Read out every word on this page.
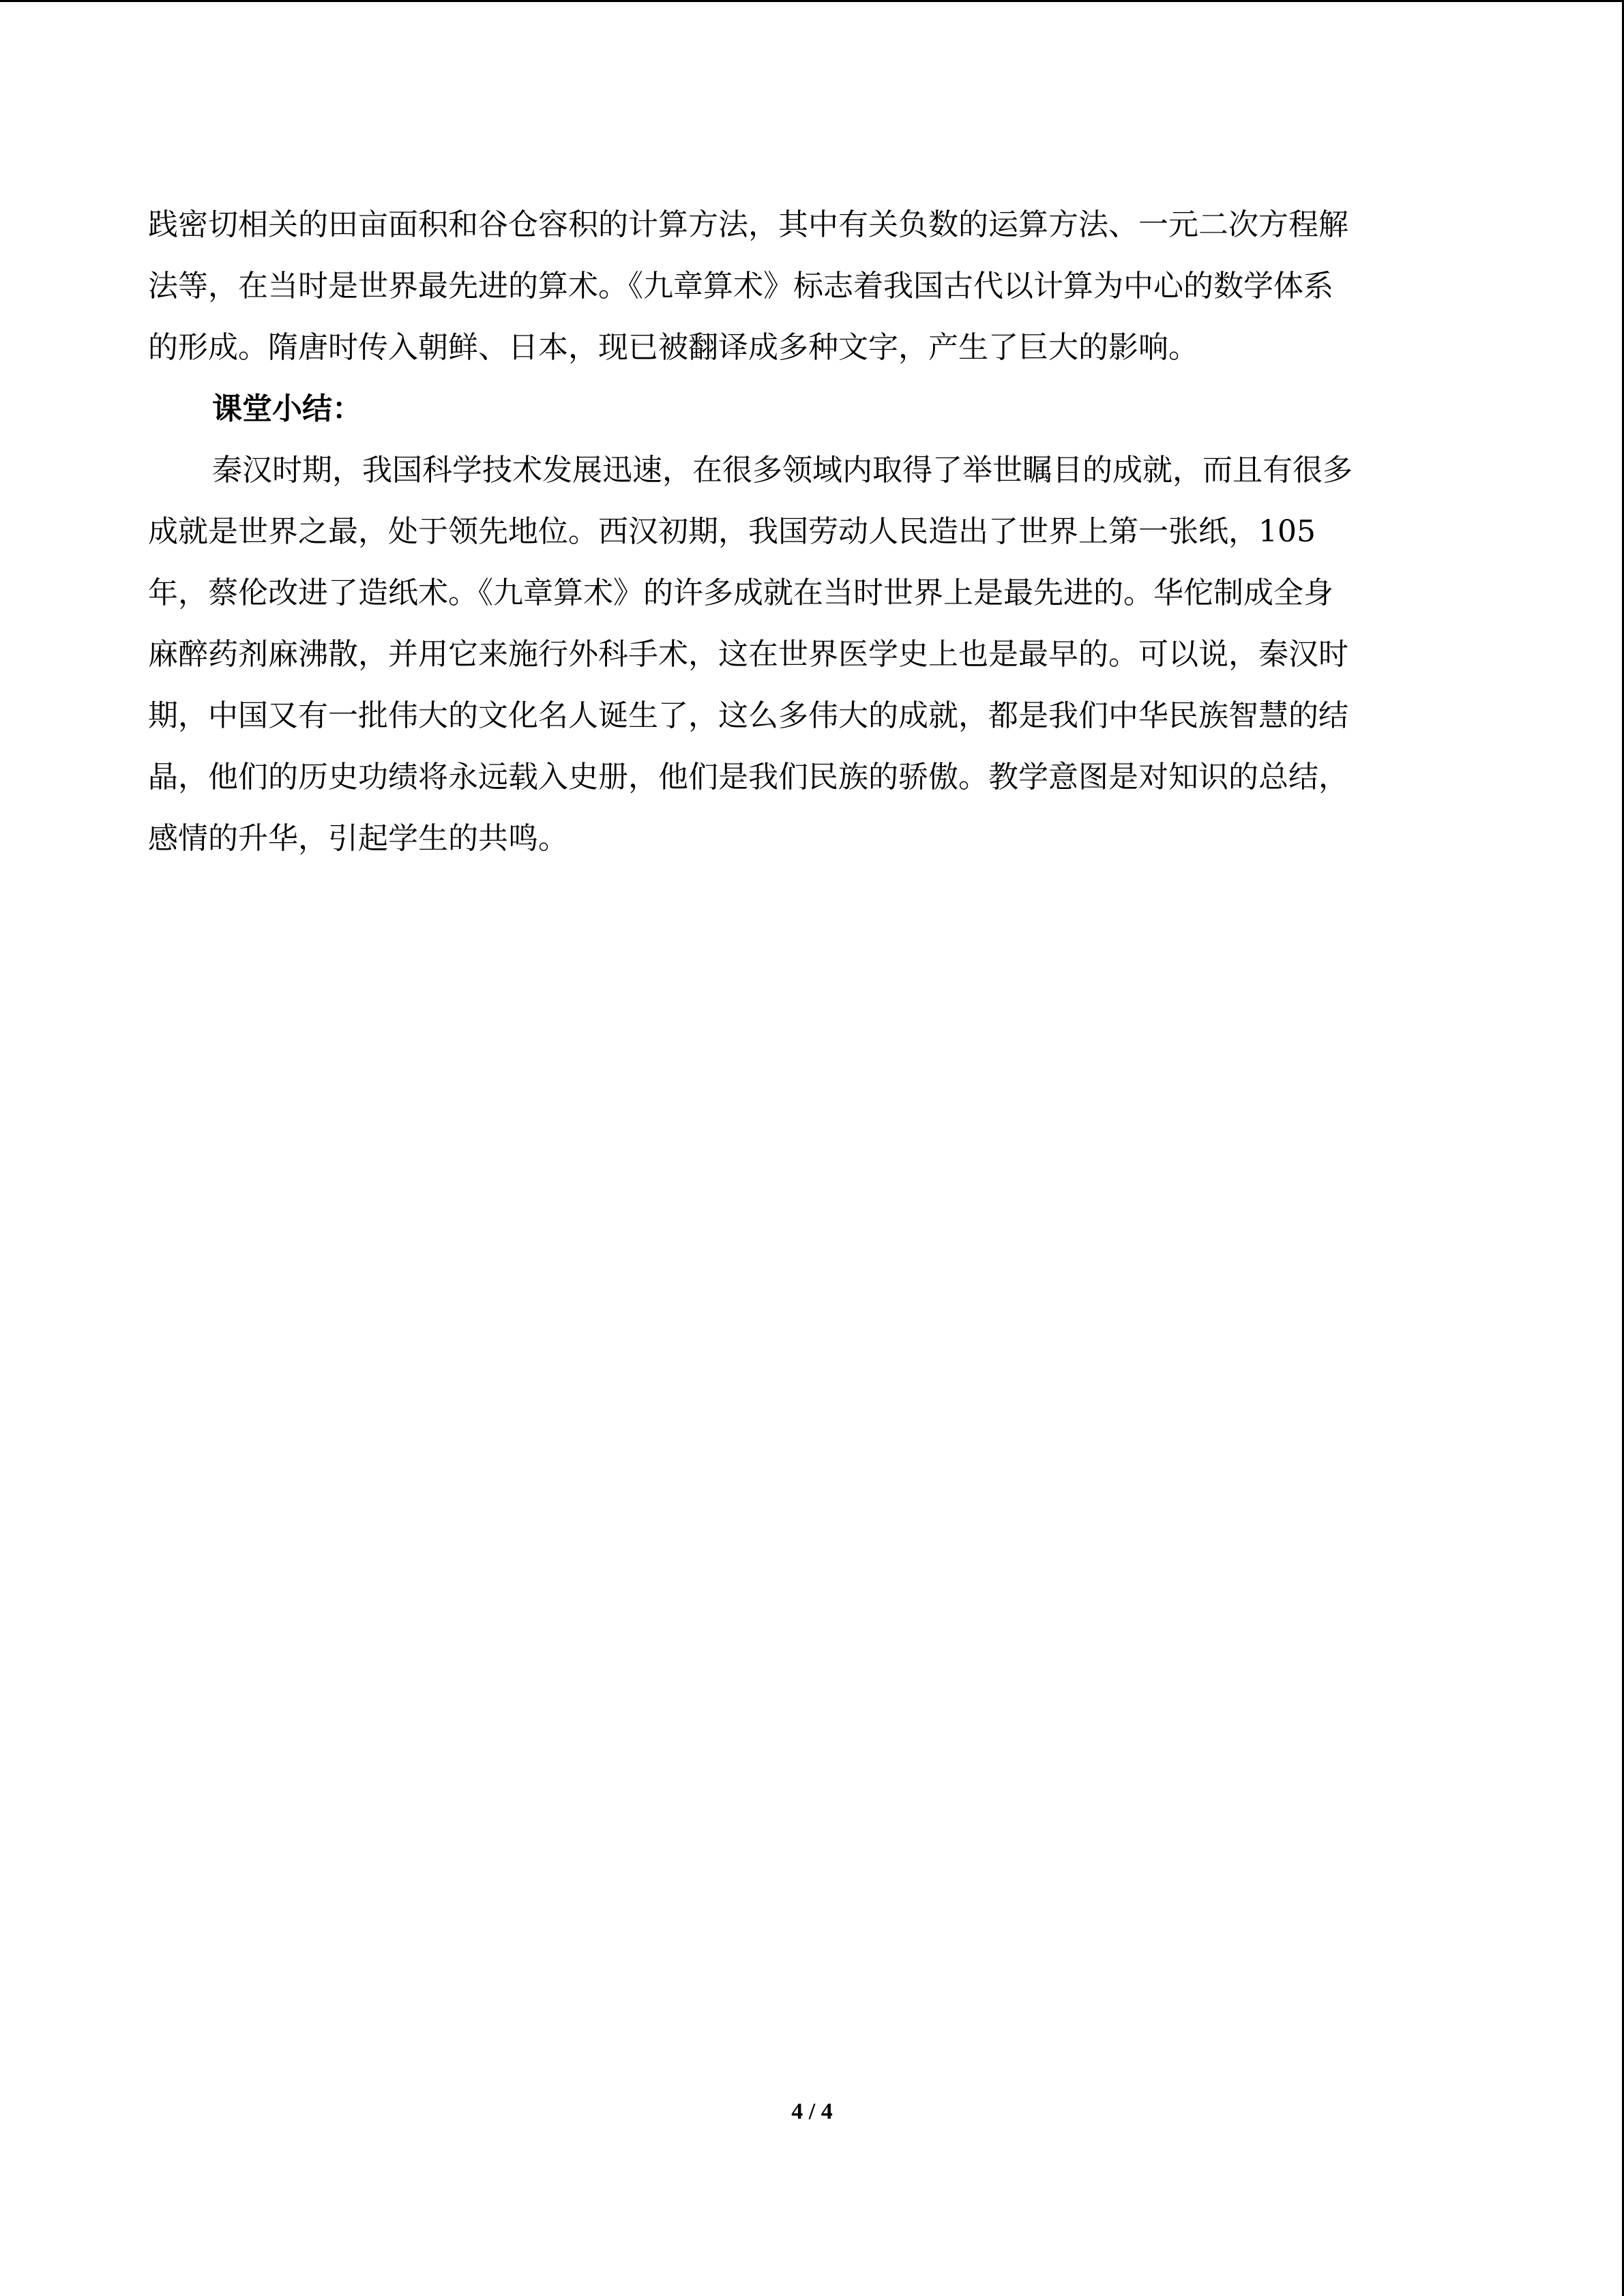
践密切相关的田亩面积和谷仓容积的计算方法，其中有关负数的运算方法、一元二次方程解
法等，在当时是世界最先进的算术。《九章算术》标志着我国古代以计算为中心的数学体系
的形成。隋唐时传入朝鲜、日本，现已被翻译成多种文字，产生了巨大的影响。
课堂小结：
秦汉时期，我国科学技术发展迅速，在很多领域内取得了举世瞩目的成就，而且有很多
成就是世界之最，处于领先地位。西汉初期，我国劳动人民造出了世界上第一张纸，105
年，蔡伦改进了造纸术。《九章算术》的许多成就在当时世界上是最先进的。华佗制成全身
麻醉药剂麻沸散，并用它来施行外科手术，这在世界医学史上也是最早的。可以说，秦汉时
期，中国又有一批伟大的文化名人诞生了，这么多伟大的成就，都是我们中华民族智慧的结
晶，他们的历史功绩将永远载入史册，他们是我们民族的骄傲。教学意图是对知识的总结，
感情的升华，引起学生的共鸣。
4 / 4
